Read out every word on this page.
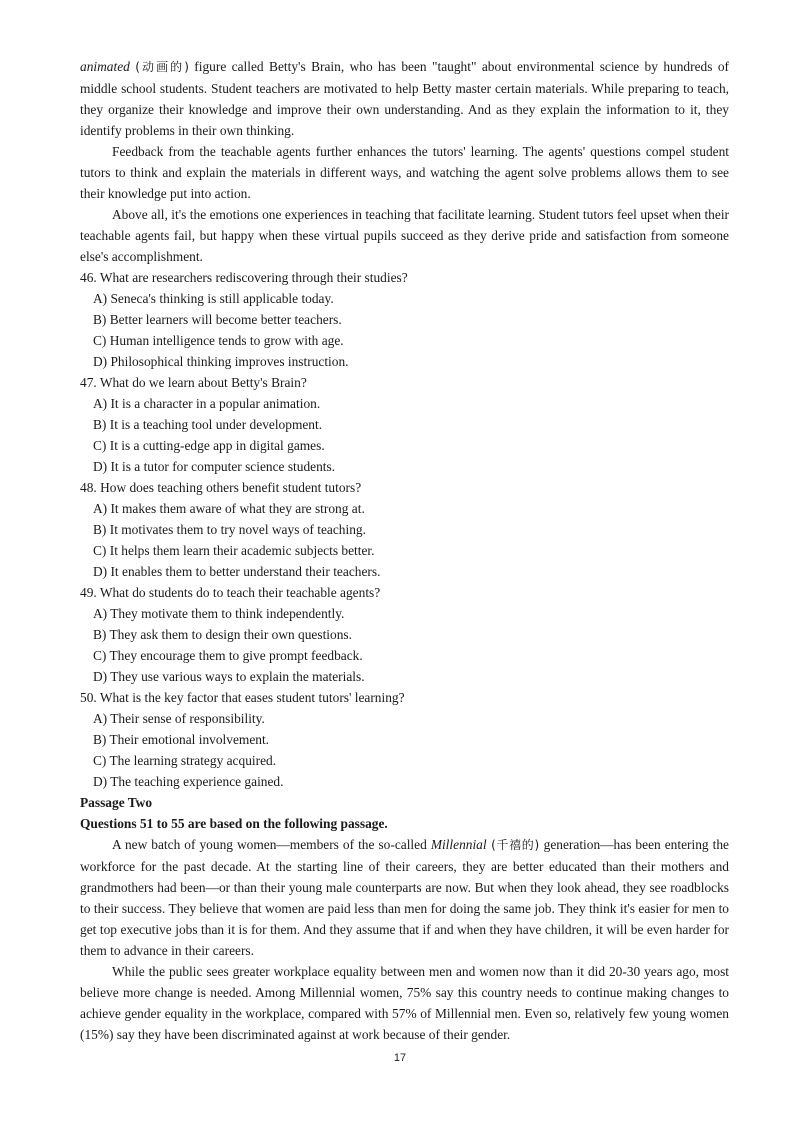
animated (动画的) figure called Betty's Brain, who has been "taught" about environmental science by hundreds of middle school students. Student teachers are motivated to help Betty master certain materials. While preparing to teach, they organize their knowledge and improve their own understanding. And as they explain the information to it, they identify problems in their own thinking.

Feedback from the teachable agents further enhances the tutors' learning. The agents' questions compel student tutors to think and explain the materials in different ways, and watching the agent solve problems allows them to see their knowledge put into action.

Above all, it's the emotions one experiences in teaching that facilitate learning. Student tutors feel upset when their teachable agents fail, but happy when these virtual pupils succeed as they derive pride and satisfaction from someone else's accomplishment.

46. What are researchers rediscovering through their studies?

A) Seneca's thinking is still applicable today.

B) Better learners will become better teachers.

C) Human intelligence tends to grow with age.

D) Philosophical thinking improves instruction.

47. What do we learn about Betty's Brain?

A) It is a character in a popular animation.

B) It is a teaching tool under development.

C) It is a cutting-edge app in digital games.

D) It is a tutor for computer science students.

48. How does teaching others benefit student tutors?

A) It makes them aware of what they are strong at.

B) It motivates them to try novel ways of teaching.

C) It helps them learn their academic subjects better.

D) It enables them to better understand their teachers.

49. What do students do to teach their teachable agents?

A) They motivate them to think independently.

B) They ask them to design their own questions.

C) They encourage them to give prompt feedback.

D) They use various ways to explain the materials.

50. What is the key factor that eases student tutors' learning?

A) Their sense of responsibility.

B) Their emotional involvement.

C) The learning strategy acquired.

D) The teaching experience gained.

Passage Two

Questions 51 to 55 are based on the following passage.

A new batch of young women—members of the so-called Millennial (千禧的) generation—has been entering the workforce for the past decade. At the starting line of their careers, they are better educated than their mothers and grandmothers had been—or than their young male counterparts are now. But when they look ahead, they see roadblocks to their success. They believe that women are paid less than men for doing the same job. They think it's easier for men to get top executive jobs than it is for them. And they assume that if and when they have children, it will be even harder for them to advance in their careers.

While the public sees greater workplace equality between men and women now than it did 20-30 years ago, most believe more change is needed. Among Millennial women, 75% say this country needs to continue making changes to achieve gender equality in the workplace, compared with 57% of Millennial men. Even so, relatively few young women (15%) say they have been discriminated against at work because of their gender.

17
